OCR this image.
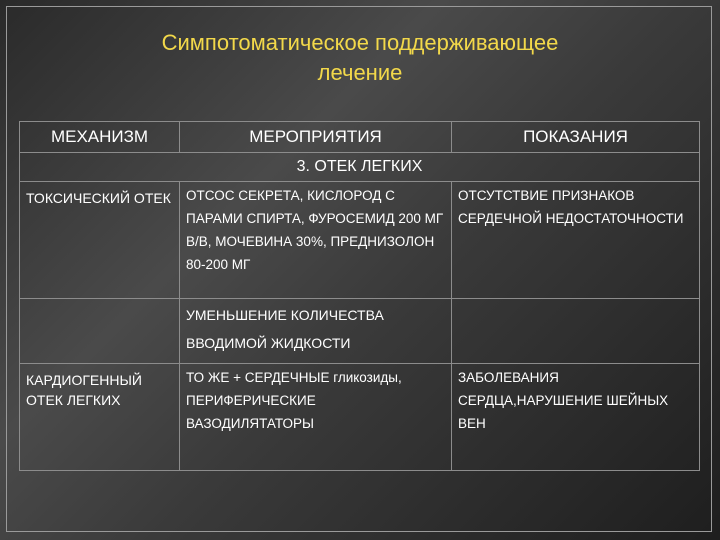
Симпотоматическое поддерживающее
лечение
МЕХАНИЗМ	МЕРОПРИЯТИЯ	ПОКАЗАНИЯ
3. ОТЕК ЛЕГКИХ		
ТОКСИЧЕСКИЙ ОТЕК	ОТСОС СЕКРЕТА, КИСЛОРОД С ПАРАМИ СПИРТА, ФУРОСЕМИД 200 МГ В/В, МОЧЕВИНА 30%, ПРЕДНИЗОЛОН 80-200 МГ	ОТСУТСТВИЕ ПРИЗНАКОВ СЕРДЕЧНОЙ НЕДОСТАТОЧНОСТИ
	УМЕНЬШЕНИЕ КОЛИЧЕСТВА ВВОДИМОЙ ЖИДКОСТИ	
КАРДИОГЕННЫЙ ОТЕК ЛЕГКИХ	ТО ЖЕ + СЕРДЕЧНЫЕ гликозиды, ПЕРИФЕРИЧЕСКИЕ ВАЗОДИЛЯТАТОРЫ	ЗАБОЛЕВАНИЯ СЕРДЦА,НАРУШЕНИЕ ШЕЙНЫХ ВЕН
